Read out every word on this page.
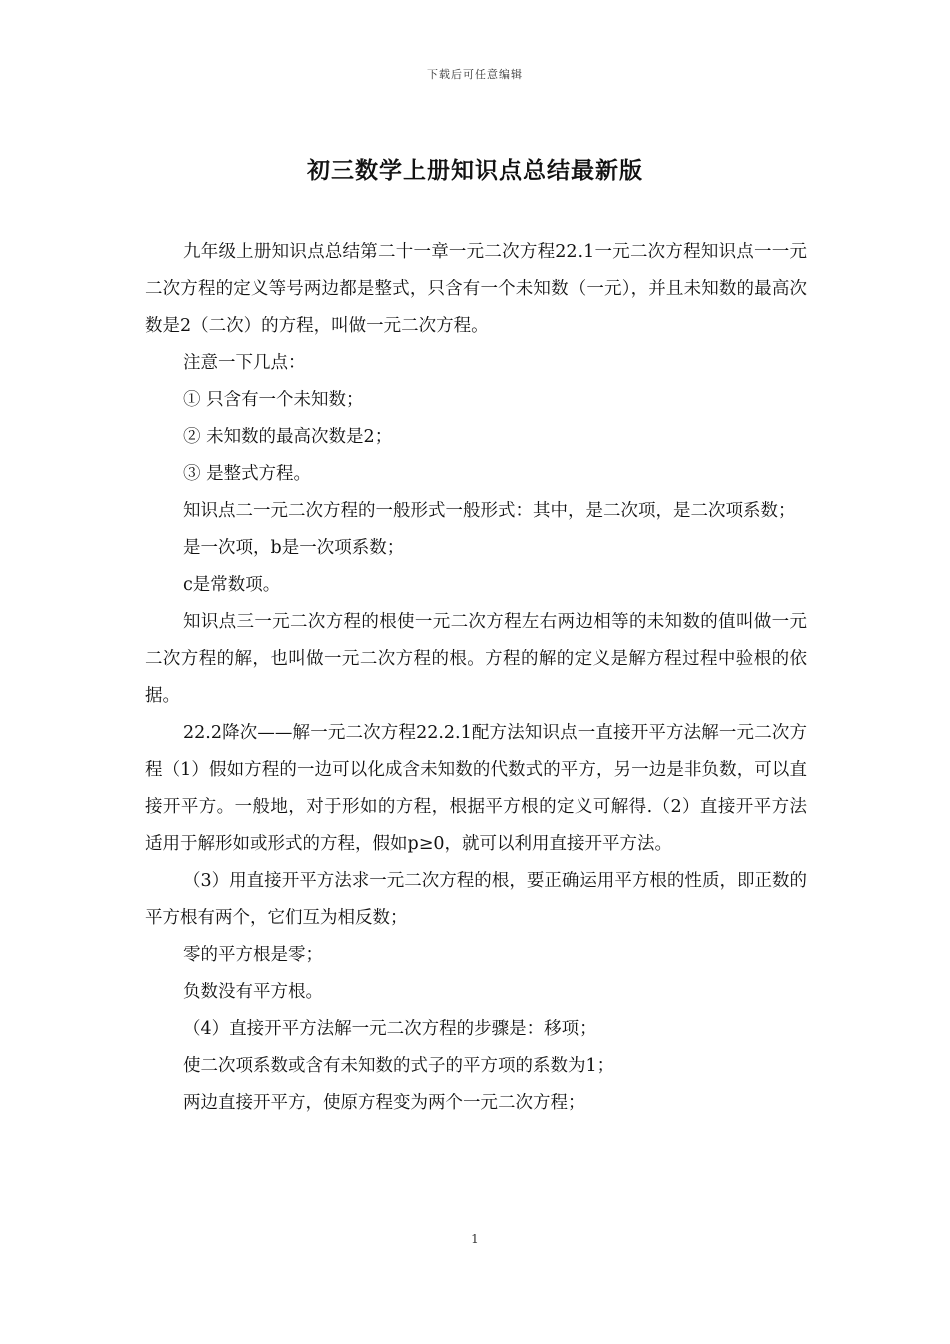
下载后可任意编辑
初三数学上册知识点总结最新版

九年级上册知识点总结第二十一章一元二次方程22.1一元二次方程知识点一一元二次方程的定义等号两边都是整式，只含有一个未知数（一元），并且未知数的最高次数是2（二次）的方程，叫做一元二次方程。

注意一下几点：

① 只含有一个未知数；

② 未知数的最高次数是2；

③ 是整式方程。

知识点二一元二次方程的一般形式一般形式：其中，是二次项，是二次项系数；

是一次项，b是一次项系数；

c是常数项。

知识点三一元二次方程的根使一元二次方程左右两边相等的未知数的值叫做一元二次方程的解，也叫做一元二次方程的根。方程的解的定义是解方程过程中验根的依据。

22.2降次——解一元二次方程22.2.1配方法知识点一直接开平方法解一元二次方程（1）假如方程的一边可以化成含未知数的代数式的平方，另一边是非负数，可以直接开平方。一般地，对于形如的方程，根据平方根的定义可解得.（2）直接开平方法适用于解形如或形式的方程，假如p≥0，就可以利用直接开平方法。

（3）用直接开平方法求一元二次方程的根，要正确运用平方根的性质，即正数的平方根有两个，它们互为相反数；

零的平方根是零；

负数没有平方根。

（4）直接开平方法解一元二次方程的步骤是：移项；

使二次项系数或含有未知数的式子的平方项的系数为1；

两边直接开平方，使原方程变为两个一元二次方程；

1
